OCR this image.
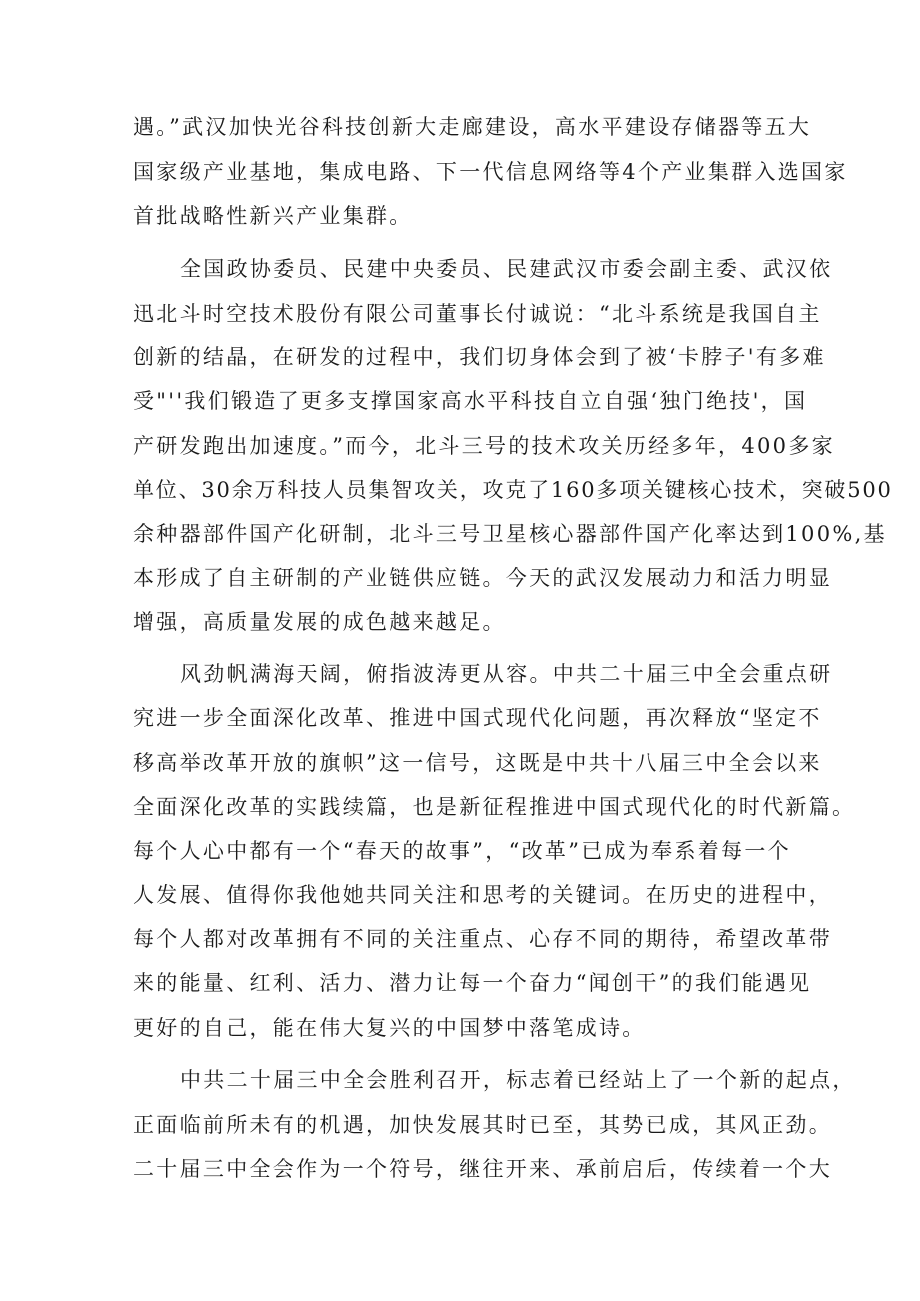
遇。”武汉加快光谷科技创新大走廊建设，高水平建设存储器等五大
国家级产业基地，集成电路、下一代信息网络等4个产业集群入选国家
首批战略性新兴产业集群。
全国政协委员、民建中央委员、民建武汉市委会副主委、武汉依
迅北斗时空技术股份有限公司董事长付诚说：“北斗系统是我国自主
创新的结晶，在研发的过程中，我们切身体会到了被‘卡脖子'有多难
受"''我们锻造了更多支撑国家高水平科技自立自强‘独门绝技'，国
产研发跑出加速度。”而今，北斗三号的技术攻关历经多年，400多家
单位、30余万科技人员集智攻关，攻克了160多项关键核心技术，突破500
余种器部件国产化研制，北斗三号卫星核心器部件国产化率达到100%,基
本形成了自主研制的产业链供应链。今天的武汉发展动力和活力明显
增强，高质量发展的成色越来越足。
风劲帆满海天阔，俯指波涛更从容。中共二十届三中全会重点研
究进一步全面深化改革、推进中国式现代化问题，再次释放“坚定不
移高举改革开放的旗帜”这一信号，这既是中共十八届三中全会以来
全面深化改革的实践续篇，也是新征程推进中国式现代化的时代新篇。
每个人心中都有一个“春天的故事”，“改革”已成为奉系着每一个
人发展、值得你我他她共同关注和思考的关键词。在历史的进程中，
每个人都对改革拥有不同的关注重点、心存不同的期待，希望改革带
来的能量、红利、活力、潜力让每一个奋力“闻创干”的我们能遇见
更好的自己，能在伟大复兴的中国梦中落笔成诗。
中共二十届三中全会胜利召开，标志着已经站上了一个新的起点，
正面临前所未有的机遇，加快发展其时已至，其势已成，其风正劲。
二十届三中全会作为一个符号，继往开来、承前启后，传续着一个大
